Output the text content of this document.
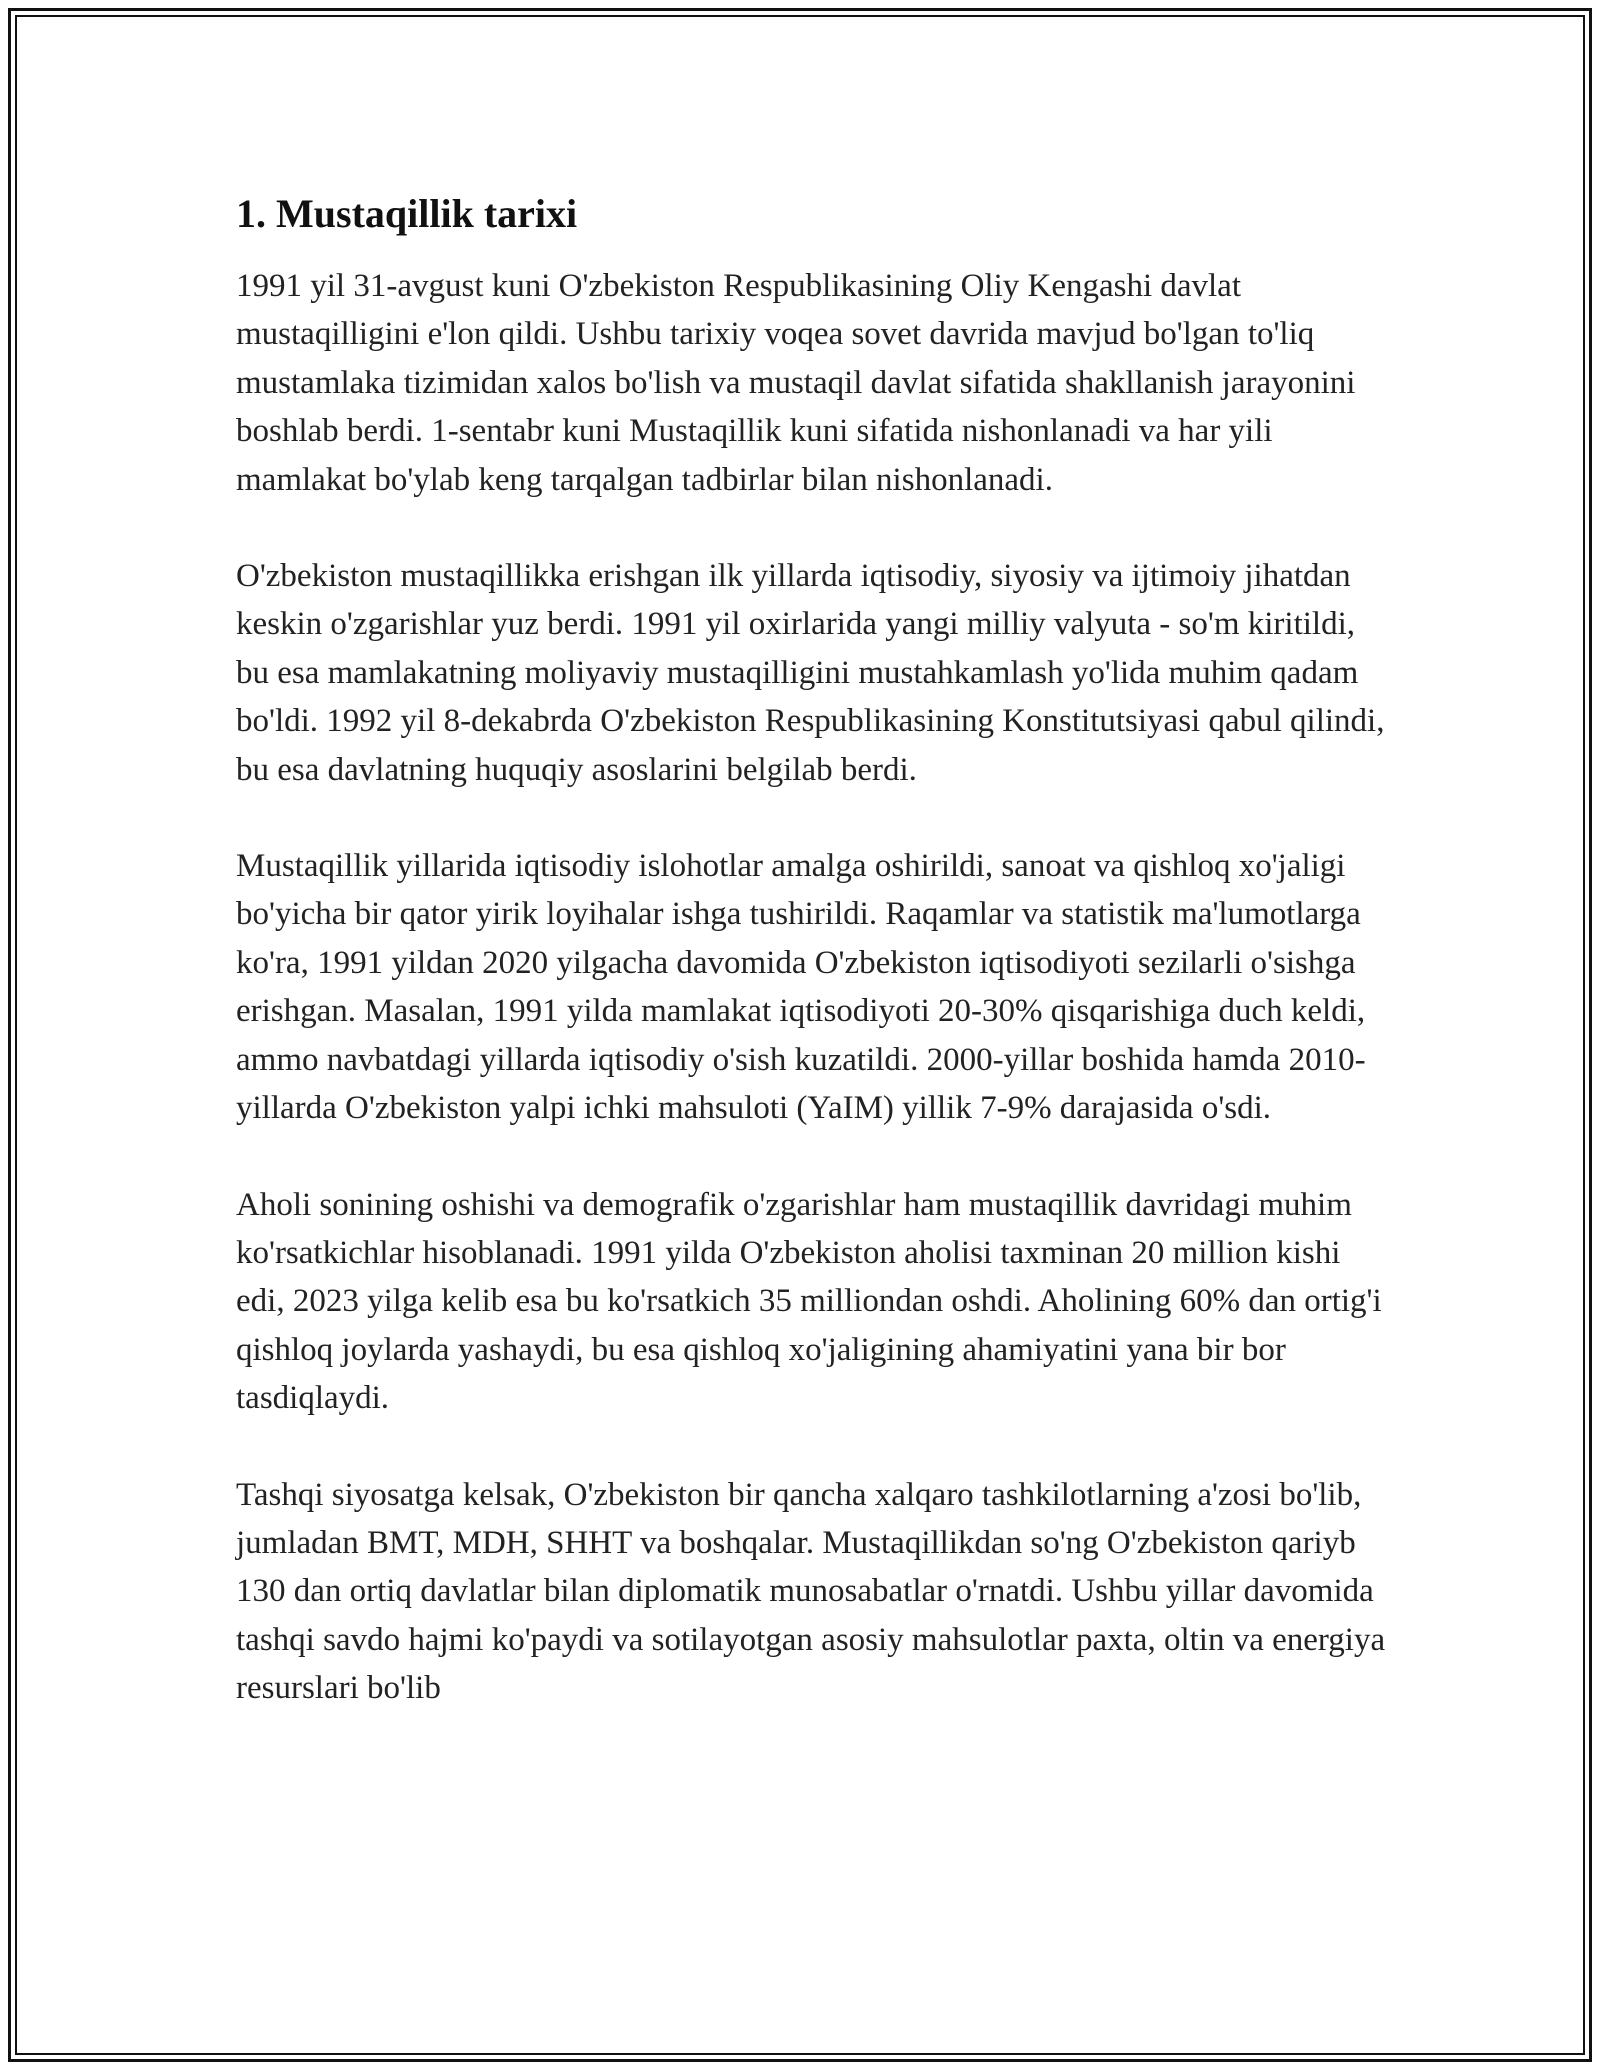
1. Mustaqillik tarixi

1991 yil 31-avgust kuni O'zbekiston Respublikasining Oliy Kengashi davlat mustaqilligini e'lon qildi. Ushbu tarixiy voqea sovet davrida mavjud bo'lgan to'liq mustamlaka tizimidan xalos bo'lish va mustaqil davlat sifatida shakllanish jarayonini boshlab berdi. 1-sentabr kuni Mustaqillik kuni sifatida nishonlanadi va har yili mamlakat bo'ylab keng tarqalgan tadbirlar bilan nishonlanadi.

O'zbekiston mustaqillikka erishgan ilk yillarda iqtisodiy, siyosiy va ijtimoiy jihatdan keskin o'zgarishlar yuz berdi. 1991 yil oxirlarida yangi milliy valyuta - so'm kiritildi, bu esa mamlakatning moliyaviy mustaqilligini mustahkamlash yo'lida muhim qadam bo'ldi. 1992 yil 8-dekabrda O'zbekiston Respublikasining Konstitutsiyasi qabul qilindi, bu esa davlatning huquqiy asoslarini belgilab berdi.

Mustaqillik yillarida iqtisodiy islohotlar amalga oshirildi, sanoat va qishloq xo'jaligi bo'yicha bir qator yirik loyihalar ishga tushirildi. Raqamlar va statistik ma'lumotlarga ko'ra, 1991 yildan 2020 yilgacha davomida O'zbekiston iqtisodiyoti sezilarli o'sishga erishgan. Masalan, 1991 yilda mamlakat iqtisodiyoti 20-30% qisqarishiga duch keldi, ammo navbatdagi yillarda iqtisodiy o'sish kuzatildi. 2000-yillar boshida hamda 2010-yillarda O'zbekiston yalpi ichki mahsuloti (YaIM) yillik 7-9% darajasida o'sdi.

Aholi sonining oshishi va demografik o'zgarishlar ham mustaqillik davridagi muhim ko'rsatkichlar hisoblanadi. 1991 yilda O'zbekiston aholisi taxminan 20 million kishi edi, 2023 yilga kelib esa bu ko'rsatkich 35 milliondan oshdi. Aholining 60% dan ortig'i qishloq joylarda yashaydi, bu esa qishloq xo'jaligining ahamiyatini yana bir bor tasdiqlaydi.

Tashqi siyosatga kelsak, O'zbekiston bir qancha xalqaro tashkilotlarning a'zosi bo'lib, jumladan BMT, MDH, SHHT va boshqalar. Mustaqillikdan so'ng O'zbekiston qariyb 130 dan ortiq davlatlar bilan diplomatik munosabatlar o'rnatdi. Ushbu yillar davomida tashqi savdo hajmi ko'paydi va sotilayotgan asosiy mahsulotlar paxta, oltin va energiya resurslari bo'lib
